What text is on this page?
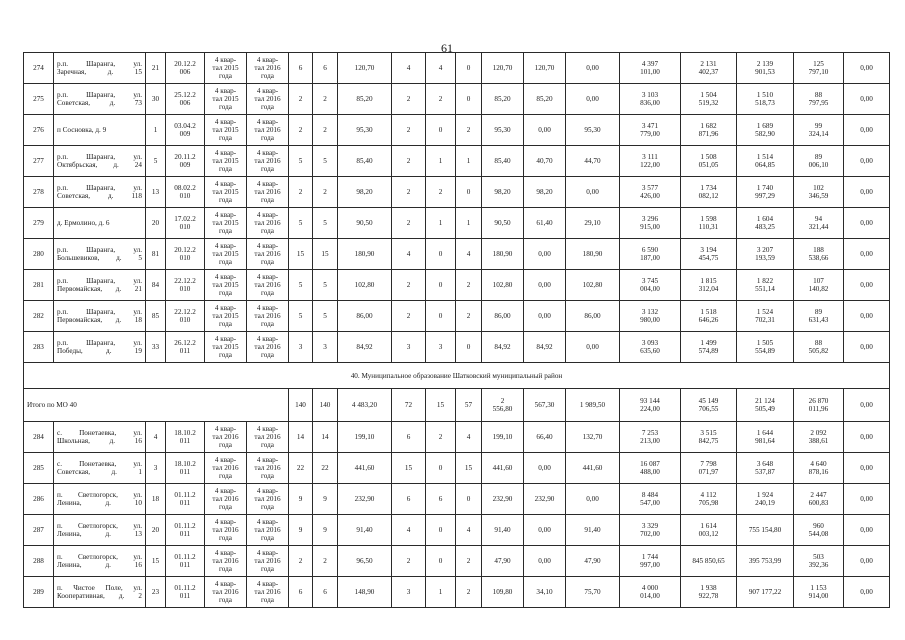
61
274	р.п. Шаранга, ул.
Заречная, д. 15	21	20.12.2
006	4 квар-
тал 2015
года	4 квар-
тал 2016
года	6	6	120,70	4	4	0	120,70	120,70	0,00	4 397
101,00	2 131
402,37	2 139
901,53	125
797,10	0,00
275	р.п. Шаранга, ул.
Советская, д. 73	30	25.12.2
006	4 квар-
тал 2015
года	4 квар-
тал 2016
года	2	2	85,20	2	2	0	85,20	85,20	0,00	3 103
836,00	1 504
519,32	1 510
518,73	88
797,95	0,00
276	п Сосновка, д. 9	1	03.04.2
009	4 квар-
тал 2015
года	4 квар-
тал 2016
года	2	2	95,30	2	0	2	95,30	0,00	95,30	3 471
779,00	1 682
871,96	1 689
582,90	99
324,14	0,00
277	р.п. Шаранга, ул.
Октябрьская, д. 24	5	20.11.2
009	4 квар-
тал 2015
года	4 квар-
тал 2016
года	5	5	85,40	2	1	1	85,40	40,70	44,70	3 111
122,00	1 508
051,05	1 514
064,85	89
006,10	0,00
278	р.п. Шаранга, ул.
Советская, д. 118	13	08.02.2
010	4 квар-
тал 2015
года	4 квар-
тал 2016
года	2	2	98,20	2	2	0	98,20	98,20	0,00	3 577
426,00	1 734
082,12	1 740
997,29	102
346,59	0,00
279	д. Ермолино, д. 6	20	17.02.2
010	4 квар-
тал 2015
года	4 квар-
тал 2016
года	5	5	90,50	2	1	1	90,50	61,40	29,10	3 296
915,00	1 598
110,31	1 604
483,25	94
321,44	0,00
280	р.п. Шаранга, ул.
Большевиков, д. 5	81	20.12.2
010	4 квар-
тал 2015
года	4 квар-
тал 2016
года	15	15	180,90	4	0	4	180,90	0,00	180,90	6 590
187,00	3 194
454,75	3 207
193,59	188
538,66	0,00
281	р.п. Шаранга, ул.
Первомайская, д. 21	84	22.12.2
010	4 квар-
тал 2015
года	4 квар-
тал 2016
года	5	5	102,80	2	0	2	102,80	0,00	102,80	3 745
004,00	1 815
312,04	1 822
551,14	107
140,82	0,00
282	р.п. Шаранга, ул.
Первомайская, д. 18	85	22.12.2
010	4 квар-
тал 2015
года	4 квар-
тал 2016
года	5	5	86,00	2	0	2	86,00	0,00	86,00	3 132
980,00	1 518
646,26	1 524
702,31	89
631,43	0,00
283	р.п. Шаранга, ул.
Победы, д. 19	33	26.12.2
011	4 квар-
тал 2015
года	4 квар-
тал 2016
года	3	3	84,92	3	3	0	84,92	84,92	0,00	3 093
635,60	1 499
574,89	1 505
554,89	88
505,82	0,00
40. Муниципальное образование Шатковский муниципальный район																			
Итого по МО 40						140	140	4 483,20	72	15	57	2
556,80	567,30	1 989,50	93 144
224,00	45 149
706,55	21 124
505,49	26 870
011,96	0,00
284	с. Понетаевка, ул.
Школьная, д. 16	4	18.10.2
011	4 квар-
тал 2016
года	4 квар-
тал 2016
года	14	14	199,10	6	2	4	199,10	66,40	132,70	7 253
213,00	3 515
842,75	1 644
981,64	2 092
388,61	0,00
285	с. Понетаевка, ул.
Советская, д. 1	3	18.10.2
011	4 квар-
тал 2016
года	4 квар-
тал 2016
года	22	22	441,60	15	0	15	441,60	0,00	441,60	16 087
488,00	7 798
071,97	3 648
537,87	4 640
878,16	0,00
286	п. Светлогорск, ул.
Ленина, д. 10	18	01.11.2
011	4 квар-
тал 2016
года	4 квар-
тал 2016
года	9	9	232,90	6	6	0	232,90	232,90	0,00	8 484
547,00	4 112
705,98	1 924
240,19	2 447
600,83	0,00
287	п. Светлогорск, ул.
Ленина, д. 13	20	01.11.2
011	4 квар-
тал 2016
года	4 квар-
тал 2016
года	9	9	91,40	4	0	4	91,40	0,00	91,40	3 329
702,00	1 614
003,12	755 154,80	960
544,08	0,00
288	п. Светлогорск, ул.
Ленина, д. 16	15	01.11.2
011	4 квар-
тал 2016
года	4 квар-
тал 2016
года	2	2	96,50	2	0	2	47,90	0,00	47,90	1 744
997,00	845 850,65	395 753,99	503
392,36	0,00
289	п. Чистое Поле, ул.
Кооперативная, д. 2	23	01.11.2
011	4 квар-
тал 2016
года	4 квар-
тал 2016
года	6	6	148,90	3	1	2	109,80	34,10	75,70	4 000
014,00	1 938
922,78	907 177,22	1 153
914,00	0,00
